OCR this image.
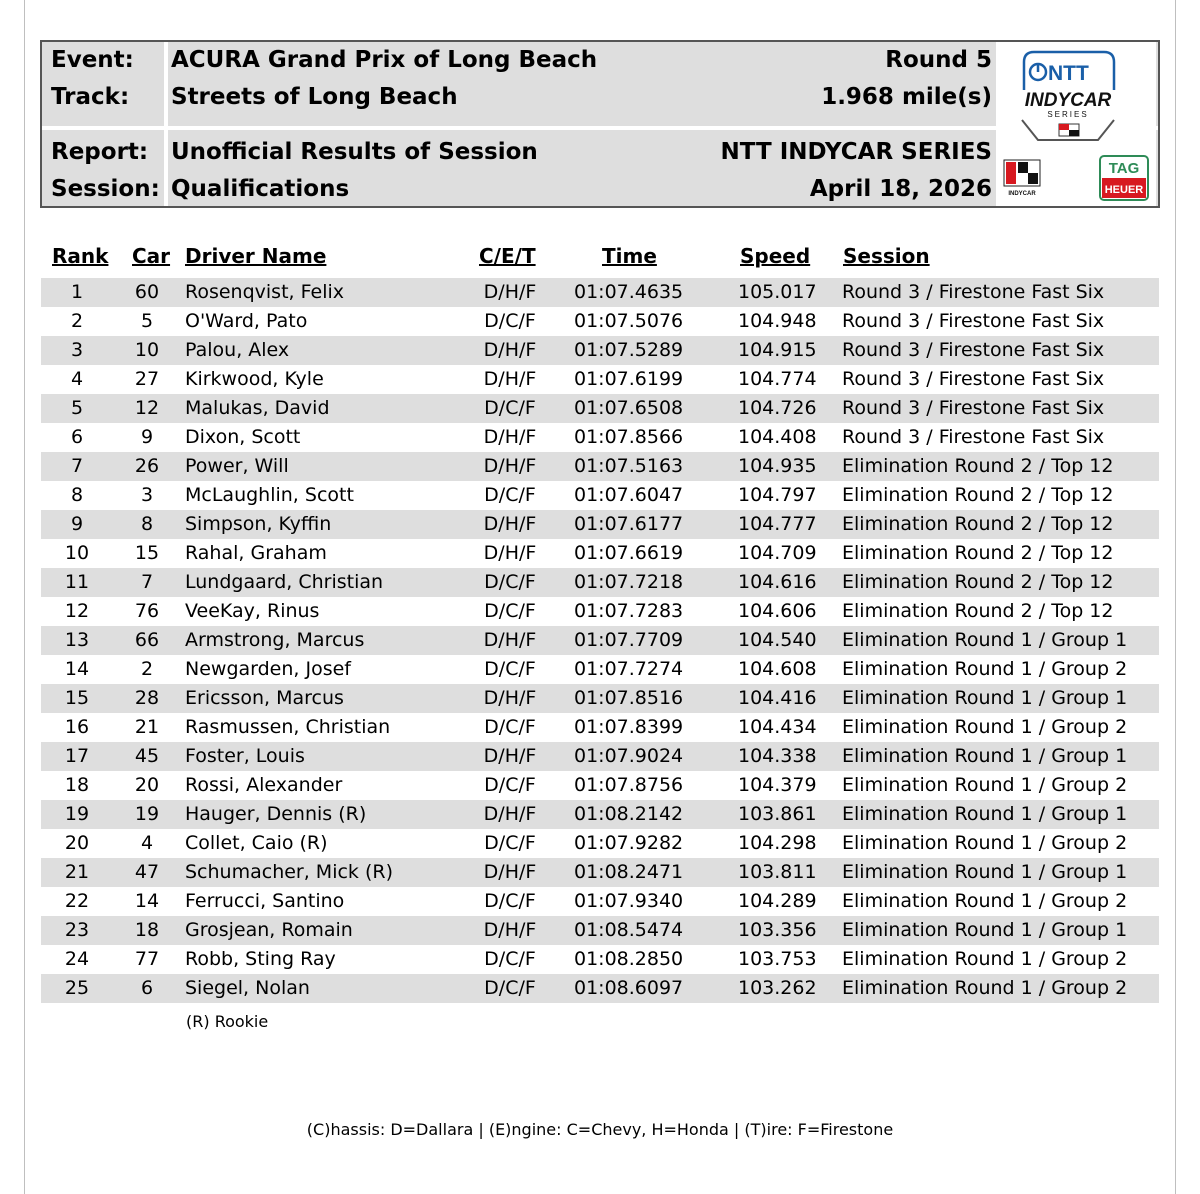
Event: ACURA Grand Prix of Long Beach	Round 5
Track: Streets of Long Beach	1.968 mile(s)
Report: Unofficial Results of Session	NTT INDYCAR SERIES
Session: Qualifications	April 18, 2026
NTT
INDYCAR
SERIES
INDYCAR
TAG
HEUER
Rank Car Driver Name	C/E/T	Time	Speed Session
1	60	Rosenqvist, Felix	D/H/F	01:07.4635	105.017 Round 3 / Firestone Fast Six
2	5	O'Ward, Pato	D/C/F	01:07.5076	104.948 Round 3 / Firestone Fast Six
3	10	Palou, Alex	D/H/F	01:07.5289	104.915 Round 3 / Firestone Fast Six
4	27	Kirkwood, Kyle	D/H/F	01:07.6199	104.774 Round 3 / Firestone Fast Six
5	12	Malukas, David	D/C/F	01:07.6508	104.726 Round 3 / Firestone Fast Six
6	9	Dixon, Scott	D/H/F	01:07.8566	104.408 Round 3 / Firestone Fast Six
7	26	Power, Will	D/H/F	01:07.5163	104.935 Elimination Round 2 / Top 12
8	3	McLaughlin, Scott	D/C/F	01:07.6047	104.797 Elimination Round 2 / Top 12
9	8	Simpson, Kyffin	D/H/F	01:07.6177	104.777 Elimination Round 2 / Top 12
10	15	Rahal, Graham	D/H/F	01:07.6619	104.709 Elimination Round 2 / Top 12
11	7	Lundgaard, Christian	D/C/F	01:07.7218	104.616 Elimination Round 2 / Top 12
12	76	VeeKay, Rinus	D/C/F	01:07.7283	104.606 Elimination Round 2 / Top 12
13	66	Armstrong, Marcus	D/H/F	01:07.7709	104.540 Elimination Round 1 / Group 1
14	2	Newgarden, Josef	D/C/F	01:07.7274	104.608 Elimination Round 1 / Group 2
15	28	Ericsson, Marcus	D/H/F	01:07.8516	104.416 Elimination Round 1 / Group 1
16	21	Rasmussen, Christian	D/C/F	01:07.8399	104.434 Elimination Round 1 / Group 2
17	45	Foster, Louis	D/H/F	01:07.9024	104.338 Elimination Round 1 / Group 1
18	20	Rossi, Alexander	D/C/F	01:07.8756	104.379 Elimination Round 1 / Group 2
19	19	Hauger, Dennis (R)	D/H/F	01:08.2142	103.861 Elimination Round 1 / Group 1
20	4	Collet, Caio (R)	D/C/F	01:07.9282	104.298 Elimination Round 1 / Group 2
21	47	Schumacher, Mick (R)	D/H/F	01:08.2471	103.811 Elimination Round 1 / Group 1
22	14	Ferrucci, Santino	D/C/F	01:07.9340	104.289 Elimination Round 1 / Group 2
23	18	Grosjean, Romain	D/H/F	01:08.5474	103.356 Elimination Round 1 / Group 1
24	77	Robb, Sting Ray	D/C/F	01:08.2850	103.753 Elimination Round 1 / Group 2
25	6	Siegel, Nolan	D/C/F	01:08.6097	103.262 Elimination Round 1 / Group 2
(R) Rookie
(C)hassis: D=Dallara | (E)ngine: C=Chevy, H=Honda | (T)ire: F=Firestone
